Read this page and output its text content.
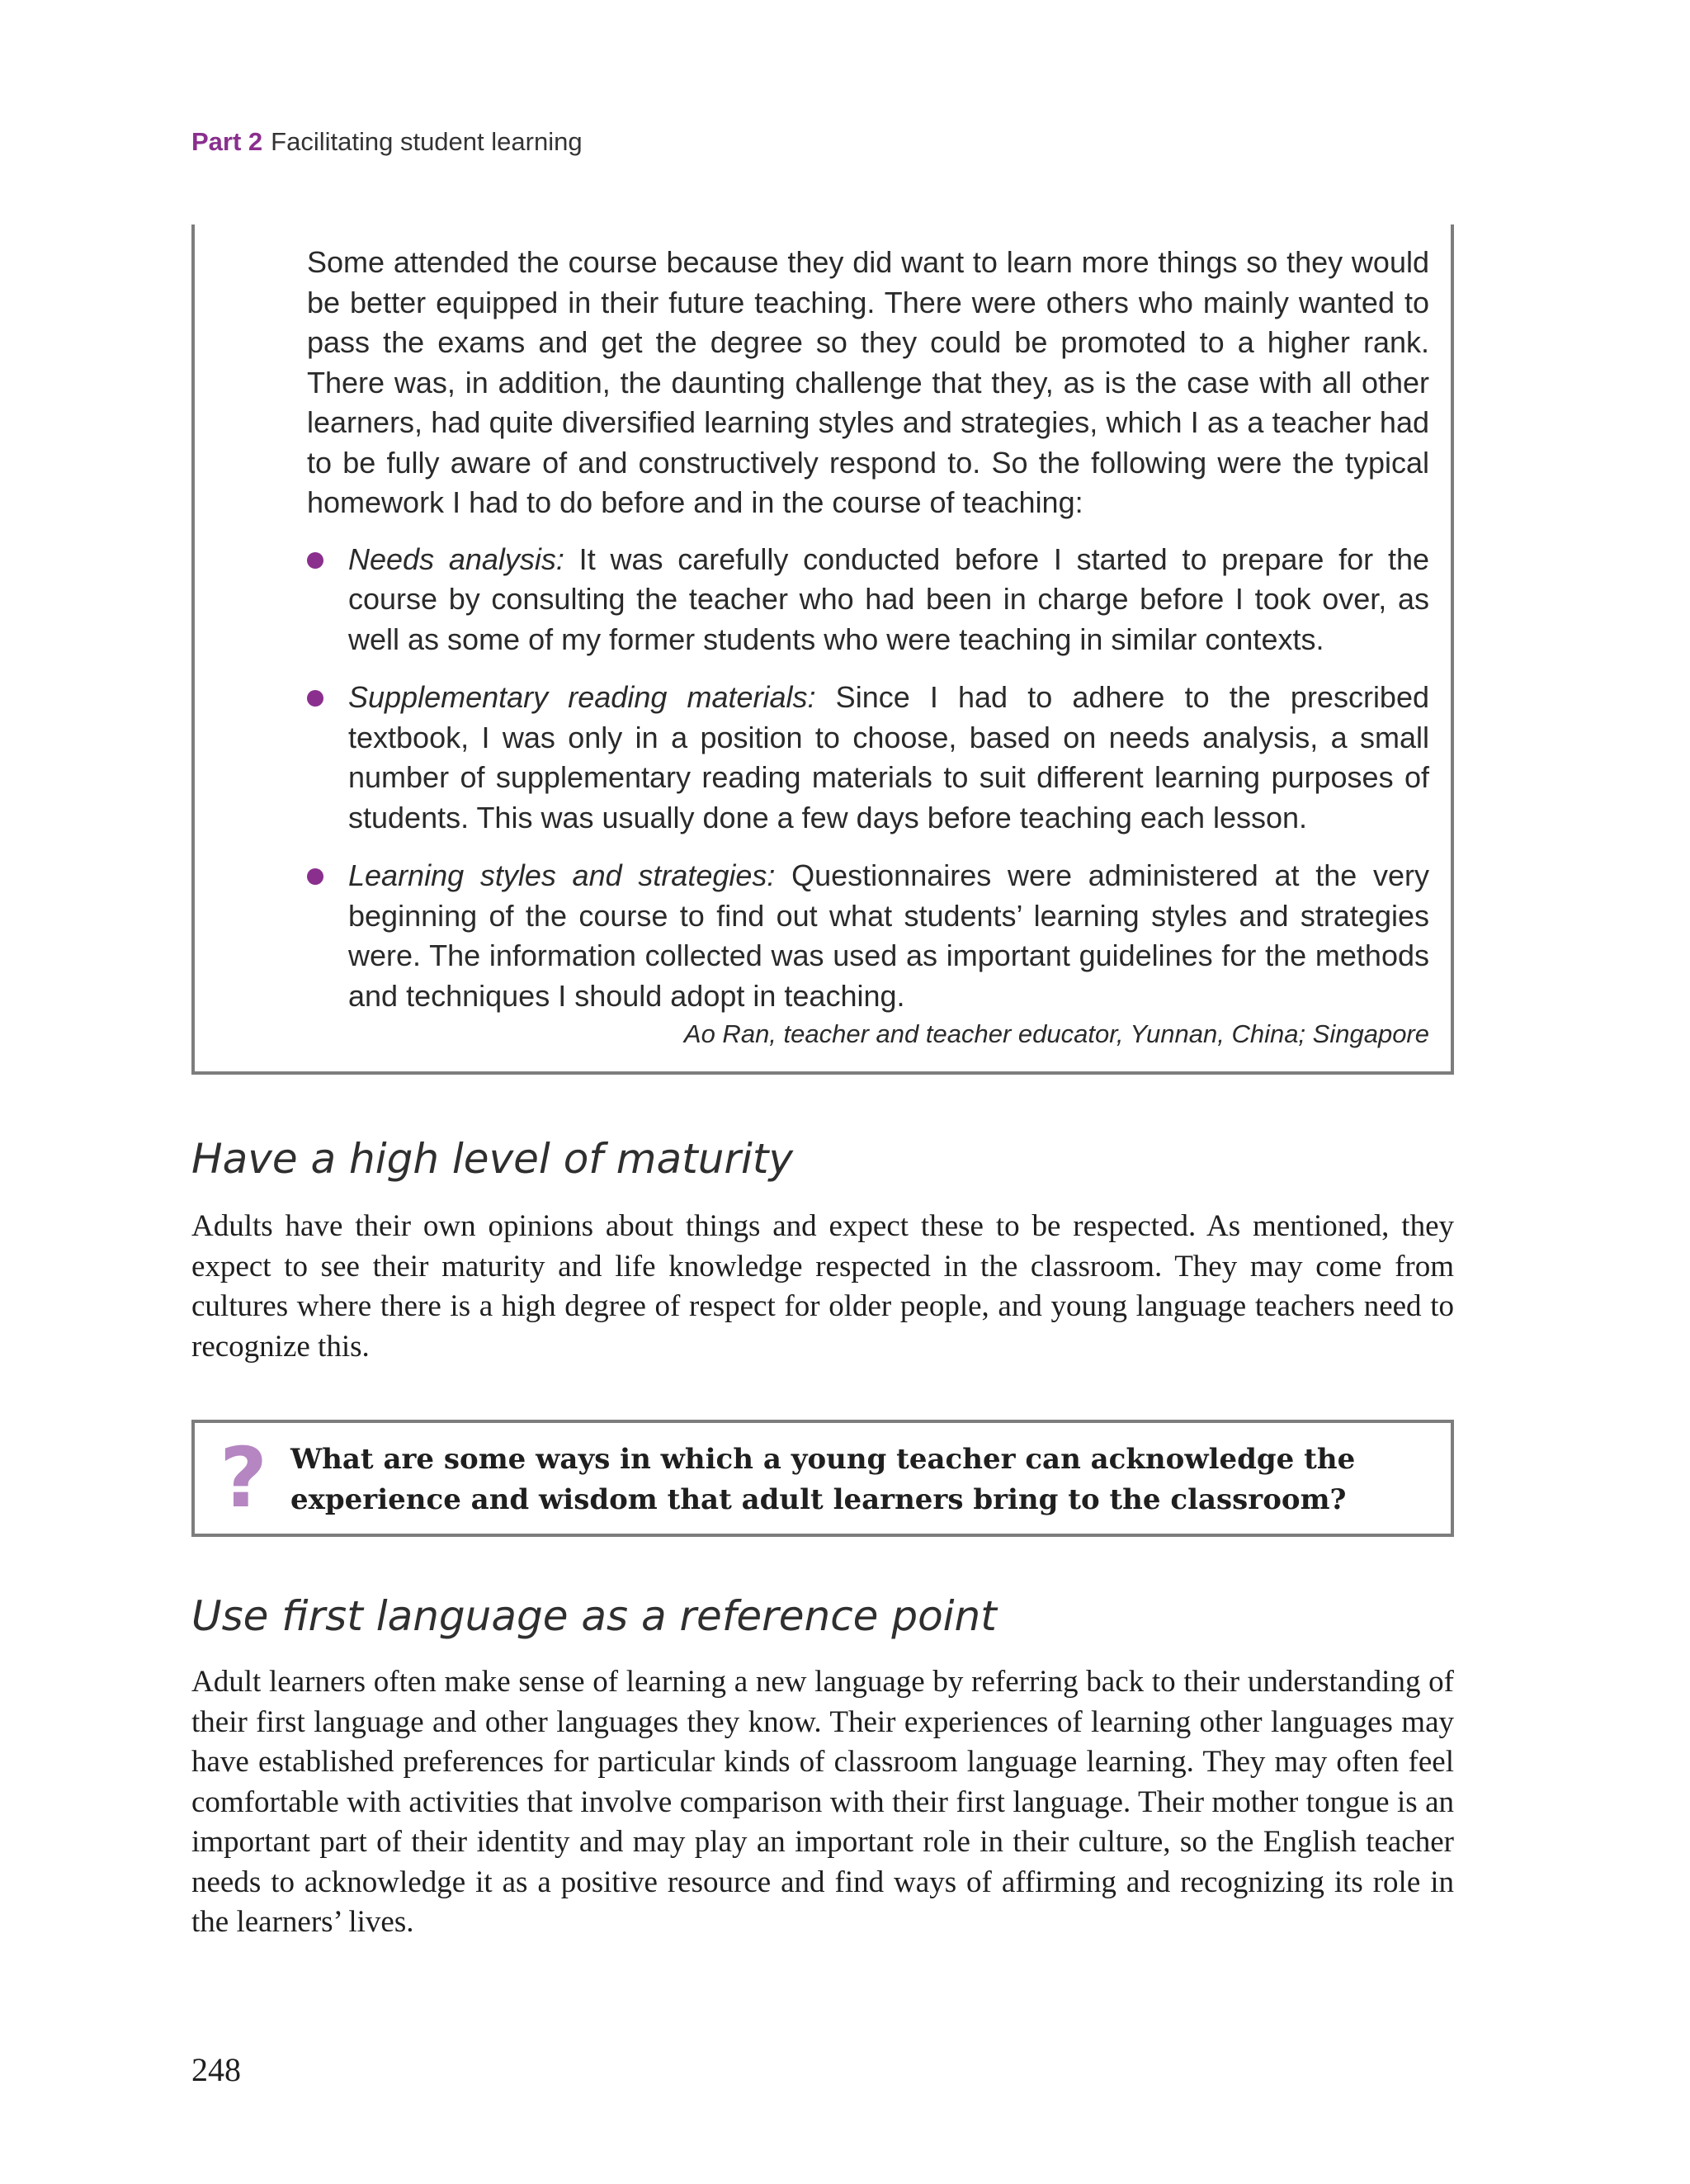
Part 2 Facilitating student learning

Some attended the course because they did want to learn more things so they would be better equipped in their future teaching. There were others who mainly wanted to pass the exams and get the degree so they could be promoted to a higher rank. There was, in addition, the daunting challenge that they, as is the case with all other learners, had quite diversified learning styles and strategies, which I as a teacher had to be fully aware of and constructively respond to. So the following were the typical homework I had to do before and in the course of teaching:

Needs analysis: It was carefully conducted before I started to prepare for the course by consulting the teacher who had been in charge before I took over, as well as some of my former students who were teaching in similar contexts.
Supplementary reading materials: Since I had to adhere to the prescribed textbook, I was only in a position to choose, based on needs analysis, a small number of supplementary reading materials to suit different learning purposes of students. This was usually done a few days before teaching each lesson.
Learning styles and strategies: Questionnaires were administered at the very beginning of the course to find out what students’ learning styles and strategies were. The information collected was used as important guidelines for the methods and techniques I should adopt in teaching.
Ao Ran, teacher and teacher educator, Yunnan, China; Singapore
Have a high level of maturity

Adults have their own opinions about things and expect these to be respected. As mentioned, they expect to see their maturity and life knowledge respected in the classroom. They may come from cultures where there is a high degree of respect for older people, and young language teachers need to recognize this.

? What are some ways in which a young teacher can acknowledge the experience and wisdom that adult learners bring to the classroom?

Use first language as a reference point

Adult learners often make sense of learning a new language by referring back to their understanding of their first language and other languages they know. Their experiences of learning other languages may have established preferences for particular kinds of classroom language learning. They may often feel comfortable with activities that involve comparison with their first language. Their mother tongue is an important part of their identity and may play an important role in their culture, so the English teacher needs to acknowledge it as a positive resource and find ways of affirming and recognizing its role in the learners’ lives.

248
